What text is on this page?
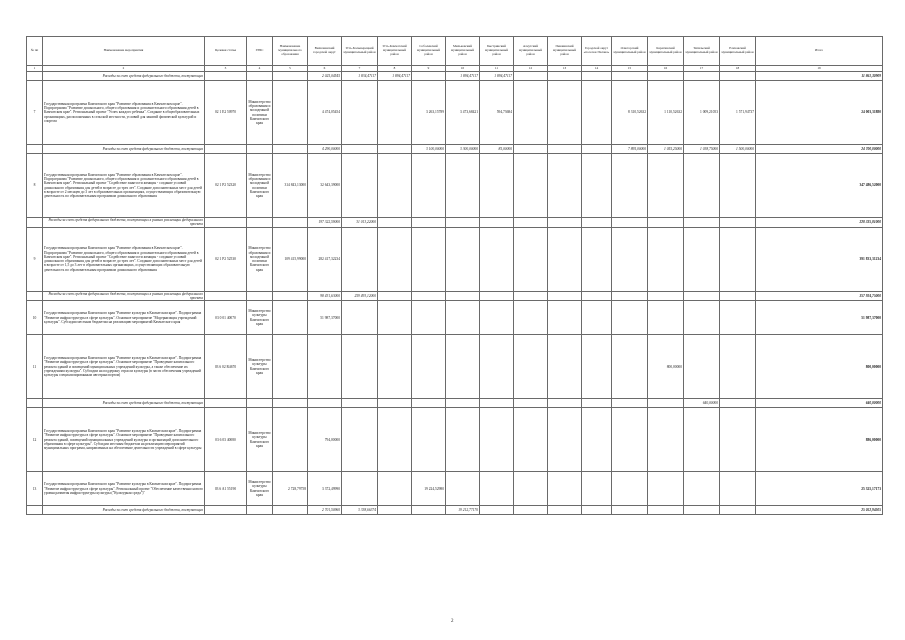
№ пп	Наименование мероприятия	Целевая статья	ГРБС	Наименование муниципального образования	Вилючинский городской округ	Усть-Большерецкий муниципальный район	Усть-Камчатский муниципальный район	Соболевский муниципальный район	Мильковский муниципальный район	Быстринский муниципальный район	Алеутский муниципальный район	Пенжинский муниципальный район	Городской округ «поселок Палана»	Олюторский муниципальный район	Карагинский муниципальный район	Тигильский муниципальный район	Елизовский муниципальный район	Итого
1	2	3	4	5	6	7	8	9	10	11	12	13	14	15	16	17	18	19
	Расходы за счет средств федерального бюджета, поступающих				2 025,04545	1 834,47117	1 894,47117		1 894,47117	1 894,47117								11 861,30909
7	Государственная программа Камчатского края "Развитие образования в Камчатском крае". Подпрограмма "Развитие дошкольного, общего образования и дополнительного образования детей в Камчатском крае". Региональный проект "Успех каждого ребенка". Создание в общеобразовательных организациях, расположенных в сельской местности, условий для занятий физической культурой и спортом	02 1 E2 50970	Министерство образования и молодежной политики Камчатского края		4 474,05454			3 263,15789	3 473,68421	594,73684				8 310,52632	1 110,52632	1 009,21053	1 571,94737	24 003,31880
	Расходы за счет средств федерального бюджета, поступающих				4 290,00000			3 100,00000	3 300,00000	85,00000				7 895,00000	1 055,25000	1 038,75000	1 500,00000	24 700,00000
8	Государственная программа Камчатского края "Развитие образования в Камчатском крае". Подпрограмма "Развитие дошкольного, общего образования и дополнительного образования детей в Камчатском крае". Региональный проект "Содействие занятости женщин - создание условий дошкольного образования для детей в возрасте до трех лет". Создание дополнительных мест для детей в возрасте от 2 месяцев до 3 лет в образовательных организациях, осуществляющих образовательную деятельность по образовательным программам дошкольного образования	02 1 P2 52320	Министерство образования и молодежной политики Камчатского края	314 843,13000	32 643,39000													347 486,52000
	Расходы за счет средств федерального бюджета, поступающих в рамках реализации федерального проекта				197 322,59000	31 013,22000												228 335,81000
9	Государственная программа Камчатского края "Развитие образования в Камчатском крае". Подпрограмма "Развитие дошкольного, общего образования и дополнительного образования детей в Камчатском крае". Региональный проект "Содействие занятости женщин - создание условий дошкольного образования для детей в возрасте до трех лет". Создание дополнительных мест для детей в возрасте от 1,5 до 3 лет в образовательных организациях, осуществляющих образовательную деятельность по образовательным программам дошкольного образования	02 1 P2 52530	Министерство образования и молодежной политики Камчатского края	109 415,99000	282 417,32234													391 833,31234
	Расходы за счет средств федерального бюджета, поступающих в рамках реализации федерального проекта				98 431,63000	259 493,12000												357 924,75000
10	Государственная программа Камчатского края "Развитие культуры в Камчатском крае". Подпрограмма "Развитие инфраструктуры в сфере культуры". Основное мероприятие "Модернизация учреждений культуры". Субсидии местным бюджетам на реализацию мероприятий Камчатского края	03 0 01 40070	Министерство культуры Камчатского края		51 987,37000													51 987,37000
11	Государственная программа Камчатского края "Развитие культуры в Камчатском крае". Подпрограмма "Развитие инфраструктуры в сфере культуры". Основное мероприятие "Проведение капитального ремонта зданий и помещений муниципальных учреждений культуры, а также обеспечение их учреждениям культуры". Субсидии на поддержку отрасли культуры (в части обеспечения учреждений культуры специализированным автотранспортом)	03 6 02 R4670	Министерство культуры Камчатского края												800,00000			800,00000
	Расходы за счет средств федерального бюджета, поступающих															640,00000		640,00000
12	Государственная программа Камчатского края "Развитие культуры в Камчатском крае". Подпрограмма "Развитие инфраструктуры в сфере культуры". Основное мероприятие "Проведение капитального ремонта зданий, помещений муниципальных учреждений культуры и организаций дополнительного образования в сфере культуры". Субсидии местным бюджетам на реализацию мероприятий муниципальных программ, направленных на обеспечение деятельности учреждений в сфере культуры	03 6 03 40080	Министерство культуры Камчатского края		794,00000													886,00000
13	Государственная программа Камчатского края "Развитие культуры в Камчатском крае". Подпрограмма "Развитие инфраструктуры в сфере культуры". Региональный проект "Обеспечение качественно нового уровня развития инфраструктуры культуры ("Культурная среда")"	03 6 A1 55190	Министерство культуры Камчатского края	2 728,79758	3 372,49990			19 224,52980										25 325,17173
	Расходы за счет средств федерального бюджета, поступающих				2 701,50960	3 338,66374			19 212,77170									25 052,94505
2
